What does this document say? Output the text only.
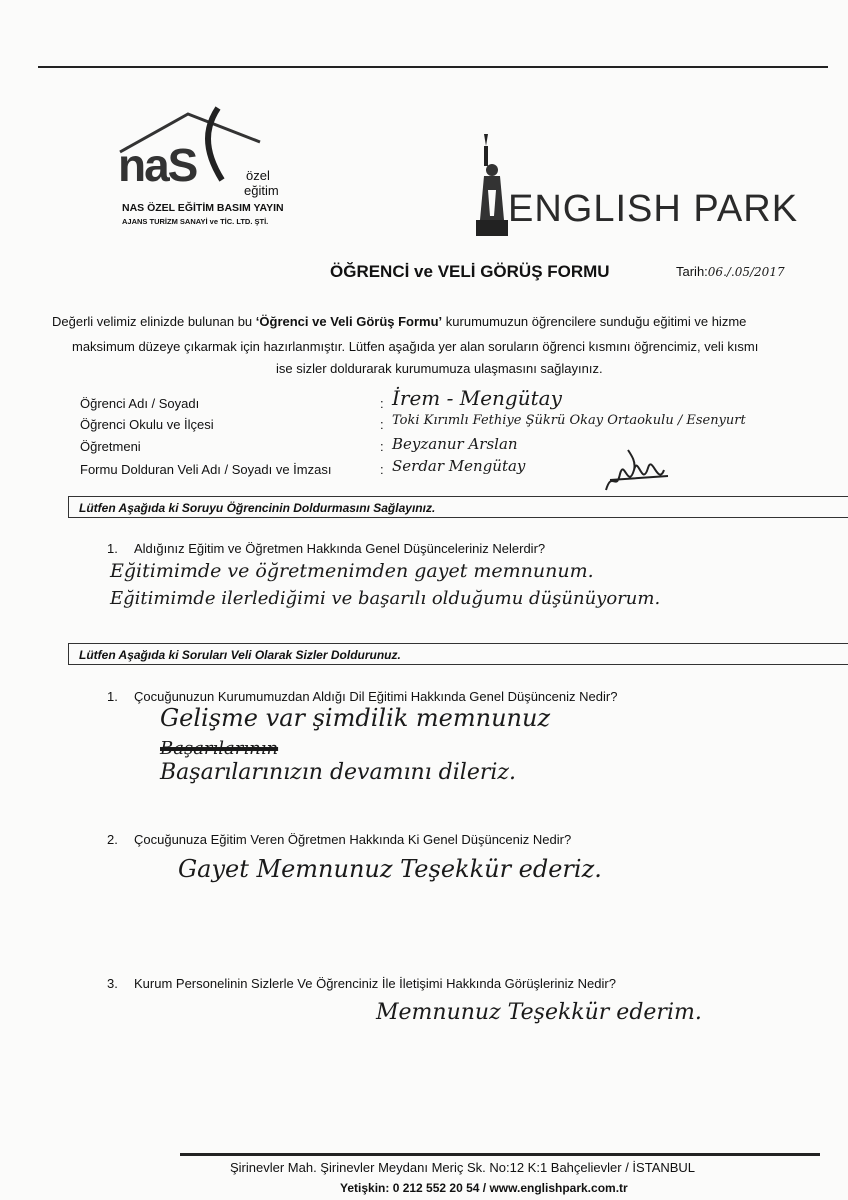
naS	özel
eğitim
NAS ÖZEL EĞİTİM BASIM YAYIN
AJANS TURİZM SANAYİ ve TİC. LTD. ŞTİ.	ENGLISH PARK
ÖĞRENCİ ve VELİ GÖRÜŞ FORMU	Tarih:06./.05/2017
Değerli velimiz elinizde bulunan bu ‘Öğrenci ve Veli Görüş Formu’ kurumumuzun öğrencilere sunduğu eğitimi ve hizme
maksimum düzeye çıkarmak için hazırlanmıştır. Lütfen aşağıda yer alan soruların öğrenci kısmını öğrencimiz, veli kısmı
ise sizler doldurarak kurumumuza ulaşmasını sağlayınız.
Öğrenci Adı / Soyadı	: İrem - Mengütay
Öğrenci Okulu ve İlçesi	: Toki Kırımlı Fethiye Şükrü Okay Ortaokulu / Esenyurt
Öğretmeni	: Beyzanur Arslan
Formu Dolduran Veli Adı / Soyadı ve İmzası	: Serdar Mengütay
Lütfen Aşağıda ki Soruyu Öğrencinin Doldurmasını Sağlayınız.
1. Aldığınız Eğitim ve Öğretmen Hakkında Genel Düşünceleriniz Nelerdir?
Eğitimimde ve öğretmenimden gayet memnunum.
Eğitimimde ilerlediğimi ve başarılı olduğumu düşünüyorum.
Lütfen Aşağıda ki Soruları Veli Olarak Sizler Doldurunuz.
1. Çocuğunuzun Kurumumuzdan Aldığı Dil Eğitimi Hakkında Genel Düşünceniz Nedir?
Gelişme var şimdilik memnunuz
Başarılarının
Başarılarınızın devamını dileriz.
2. Çocuğunuza Eğitim Veren Öğretmen Hakkında Ki Genel Düşünceniz Nedir?
Gayet Memnunuz Teşekkür ederiz.
3. Kurum Personelinin Sizlerle Ve Öğrenciniz İle İletişimi Hakkında Görüşleriniz Nedir?
Memnunuz Teşekkür ederim.
Şirinevler Mah. Şirinevler Meydanı Meriç Sk. No:12 K:1 Bahçelievler / İSTANBUL
Yetişkin: 0 212 552 20 54 / www.englishpark.com.tr
